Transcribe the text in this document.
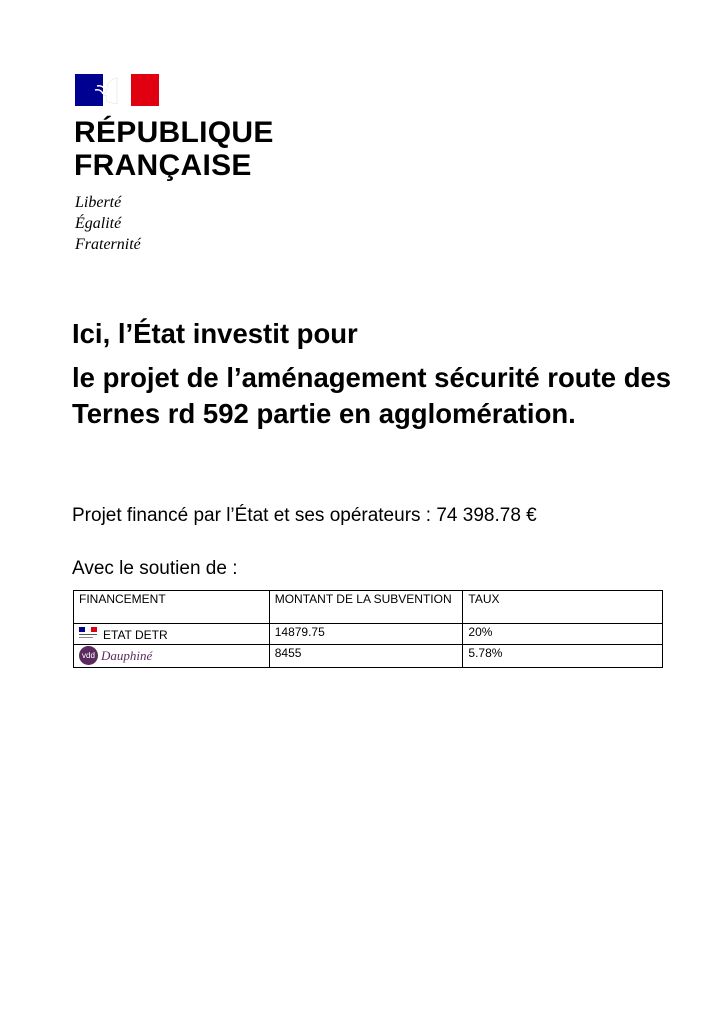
RÉPUBLIQUE
FRANÇAISE
Liberté
Égalité
Fraternité
Ici, l’État investit pour
le projet de l’aménagement sécurité route des Ternes rd 592 partie en agglomération.
Projet financé par l’État et ses opérateurs : 74 398.78 €
Avec le soutien de :
FINANCEMENT	MONTANT DE LA SUBVENTION	TAUX

ETAT DETR	14879.75	20%

vdd Dauphiné	8455	5.78%
